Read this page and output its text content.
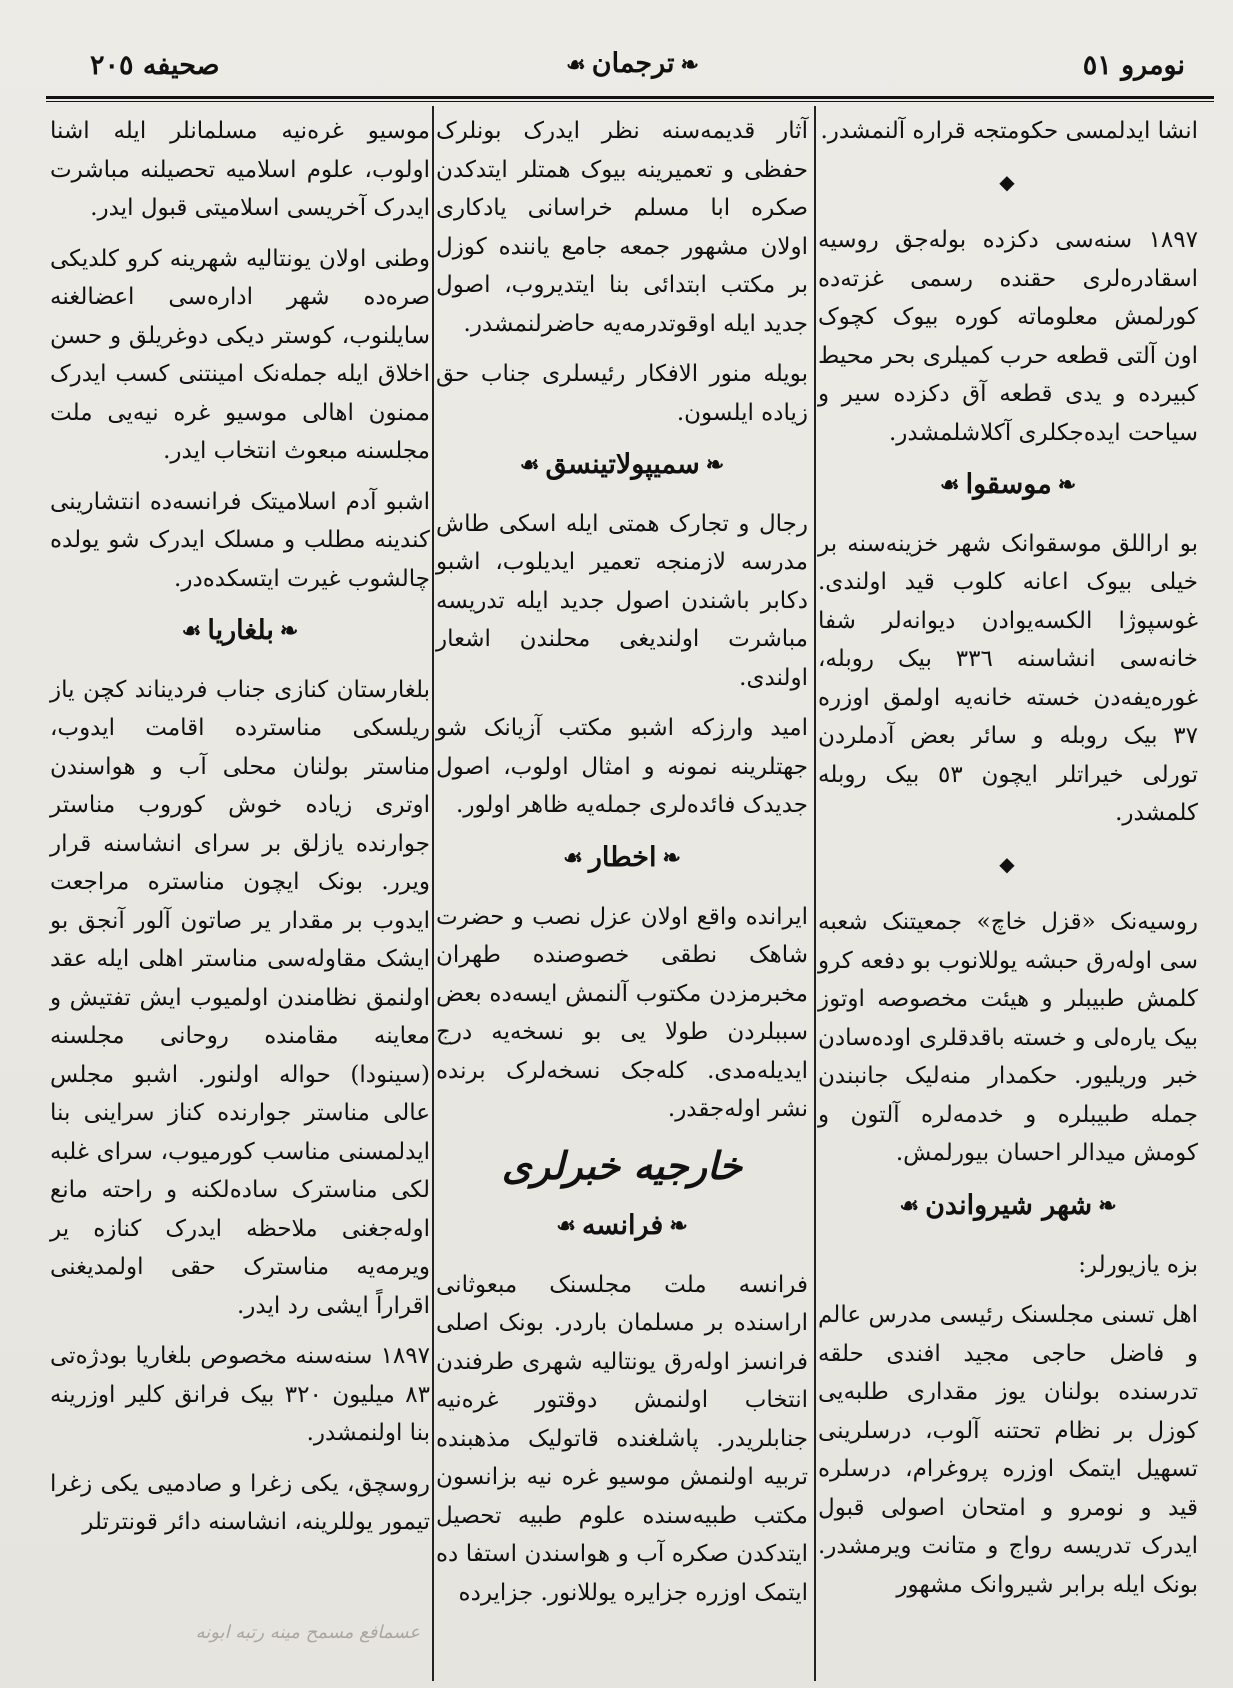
نومرو ٥١
❧ترجمان☙
صحیفه ٢٠٥

انشا ایدلمسی حکومتجه قراره آلنمشدر.

◆

١٨٩٧ سنه‌سی دکزده بوله‌جق روسیه اسقادره‌لری حقنده رسمی غزته‌ده کورلمش معلوماته کوره بیوک کچوک اون آلتی قطعه حرب کمیلری بحر محیط کبیرده و یدی قطعه آق دکزده سیر و سیاحت ایده‌جکلری آکلاشلمشدر.

❧موسقوا☙

بو اراللق موسقوانک شهر خزینه‌سنه بر خیلی بیوک اعانه کلوب قید اولندی. غوسپوژا الکسه‌یوادن دیوانه‌لر شفا خانه‌سی انشاسنه ٣٣٦ بیک روبله، غوره‌یفه‌دن خسته خانه‌یه اولمق اوزره ٣٧ بیک روبله و سائر بعض آدملردن تورلی خیراتلر ایچون ٥٣ بیک روبله کلمشدر.

◆

روسیه‌نک «قزل خاچ» جمعیتنک شعبه سی اوله‌رق حبشه یوللانوب بو دفعه کرو کلمش طبیبلر و هیئت مخصوصه اوتوز بیک یاره‌لی و خسته باقدقلری اوده‌سادن خبر وریلیور. حکمدار منه‌لیک جانبندن جمله طبیبلره و خدمه‌لره آلتون و کومش میدالر احسان بیورلمش.

❧شهر شیرواندن☙

بزه یازیورلر:

اهل تسنی مجلسنک رئیسی مدرس عالم و فاضل حاجی مجید افندی حلقه تدرسنده بولنان یوز مقداری طلبه‌یی کوزل بر نظام تحتنه آلوب، درسلرینی تسهیل ایتمک اوزره پروغرام، درسلره قید و نومرو و امتحان اصولی قبول ایدرک تدریسه رواج و متانت ویرمشدر. بونک ایله برابر شیروانک مشهور

آثار قدیمه‌سنه نظر ایدرک بونلرک حفظی و تعمیرینه بیوک همتلر ایتدکدن صکره ابا مسلم خراسانی یادکاری اولان مشهور جمعه جامع یاننده کوزل بر مکتب ابتدائی بنا ایتدیروب، اصول جدید ایله اوقوتدرمه‌یه حاضرلنمشدر.

بویله منور الافکار رئیسلری جناب حق زیاده ایلسون.

❧سمیپولاتینسق☙

رجال و تجارک همتی ایله اسکی طاش مدرسه لازمنجه تعمیر ایدیلوب، اشبو دکابر باشندن اصول جدید ایله تدریسه مباشرت اولندیغی محلندن اشعار اولندی.

امید وارزکه اشبو مکتب آزیانک شو جهتلرینه نمونه و امثال اولوب، اصول جدیدک فائده‌لری جمله‌یه ظاهر اولور.

❧اخطار☙

ایرانده واقع اولان عزل نصب و حضرت شاهک نطقی خصوصنده طهران مخبرمزدن مکتوب آلنمش ایسه‌ده بعض سببلردن طولا یی بو نسخه‌یه درج ایدیله‌مدی. کله‌جک نسخه‌لرک برنده نشر اوله‌جقدر.

خارجیه خبرلری
❧فرانسه☙

فرانسه ملت مجلسنک مبعوثانی اراسنده بر مسلمان باردر. بونک اصلی فرانسز اوله‌رق یونتالیه شهری طرفندن انتخاب اولنمش دوقتور غره‌نیه جنابلریدر. پاشلغنده قاتولیک مذهبنده تربیه اولنمش موسیو غره نیه بزانسون مکتب طبیه‌سنده علوم طبیه تحصیل ایتدکدن صکره آب و هواسندن استفا ده ایتمک اوزره جزایره یوللانور. جزایرده

موسیو غره‌نیه مسلمانلر ایله اشنا اولوب، علوم اسلامیه تحصیلنه مباشرت ایدرک آخریسی اسلامیتی قبول ایدر.

وطنی اولان یونتالیه شهرینه کرو کلدیکی صره‌ده شهر اداره‌سی اعضالغنه سایلنوب، کوستر دیکی دوغریلق و حسن اخلاق ایله جمله‌نک امینتنی کسب ایدرک ممنون اهالی موسیو غره نیه‌یی ملت مجلسنه مبعوث انتخاب ایدر.

اشبو آدم اسلامیتک فرانسه‌ده انتشارینی کندینه مطلب و مسلک ایدرک شو یولده چالشوب غیرت ایتسکده‌در.

❧بلغاریا☙

بلغارستان کنازی جناب فردیناند کچن یاز ریلسکی مناسترده اقامت ایدوب، مناستر بولنان محلی آب و هواسندن اوتری زیاده خوش کوروب مناستر جوارنده یازلق بر سرای انشاسنه قرار ویرر. بونک ایچون مناستره مراجعت ایدوب بر مقدار یر صاتون آلور آنجق بو ایشک مقاوله‌سی مناستر اهلی ایله عقد اولنمق نظامندن اولمیوب ایش تفتیش و معاینه مقامنده روحانی مجلسنه (سینودا) حواله اولنور. اشبو مجلس عالی مناستر جوارنده کناز سراینی بنا ایدلمسنی مناسب کورمیوب، سرای غلبه لکی مناسترک ساده‌لکنه و راحته مانع اوله‌جغنی ملاحظه ایدرک کنازه یر ویرمه‌یه مناسترک حقی اولمدیغنی اقراراً ایشی رد ایدر.

١٨٩٧ سنه‌سنه مخصوص بلغاریا بودژه‌تی ٨٣ میلیون ٣٢٠ بیک فرانق کلیر اوزرینه بنا اولنمشدر.

روسچق، یکی زغرا و صادمیی یکی زغرا تیمور یوللرینه، انشاسنه دائر قونترتلر

عسمافع مسمح مینه رتبه ابونه
